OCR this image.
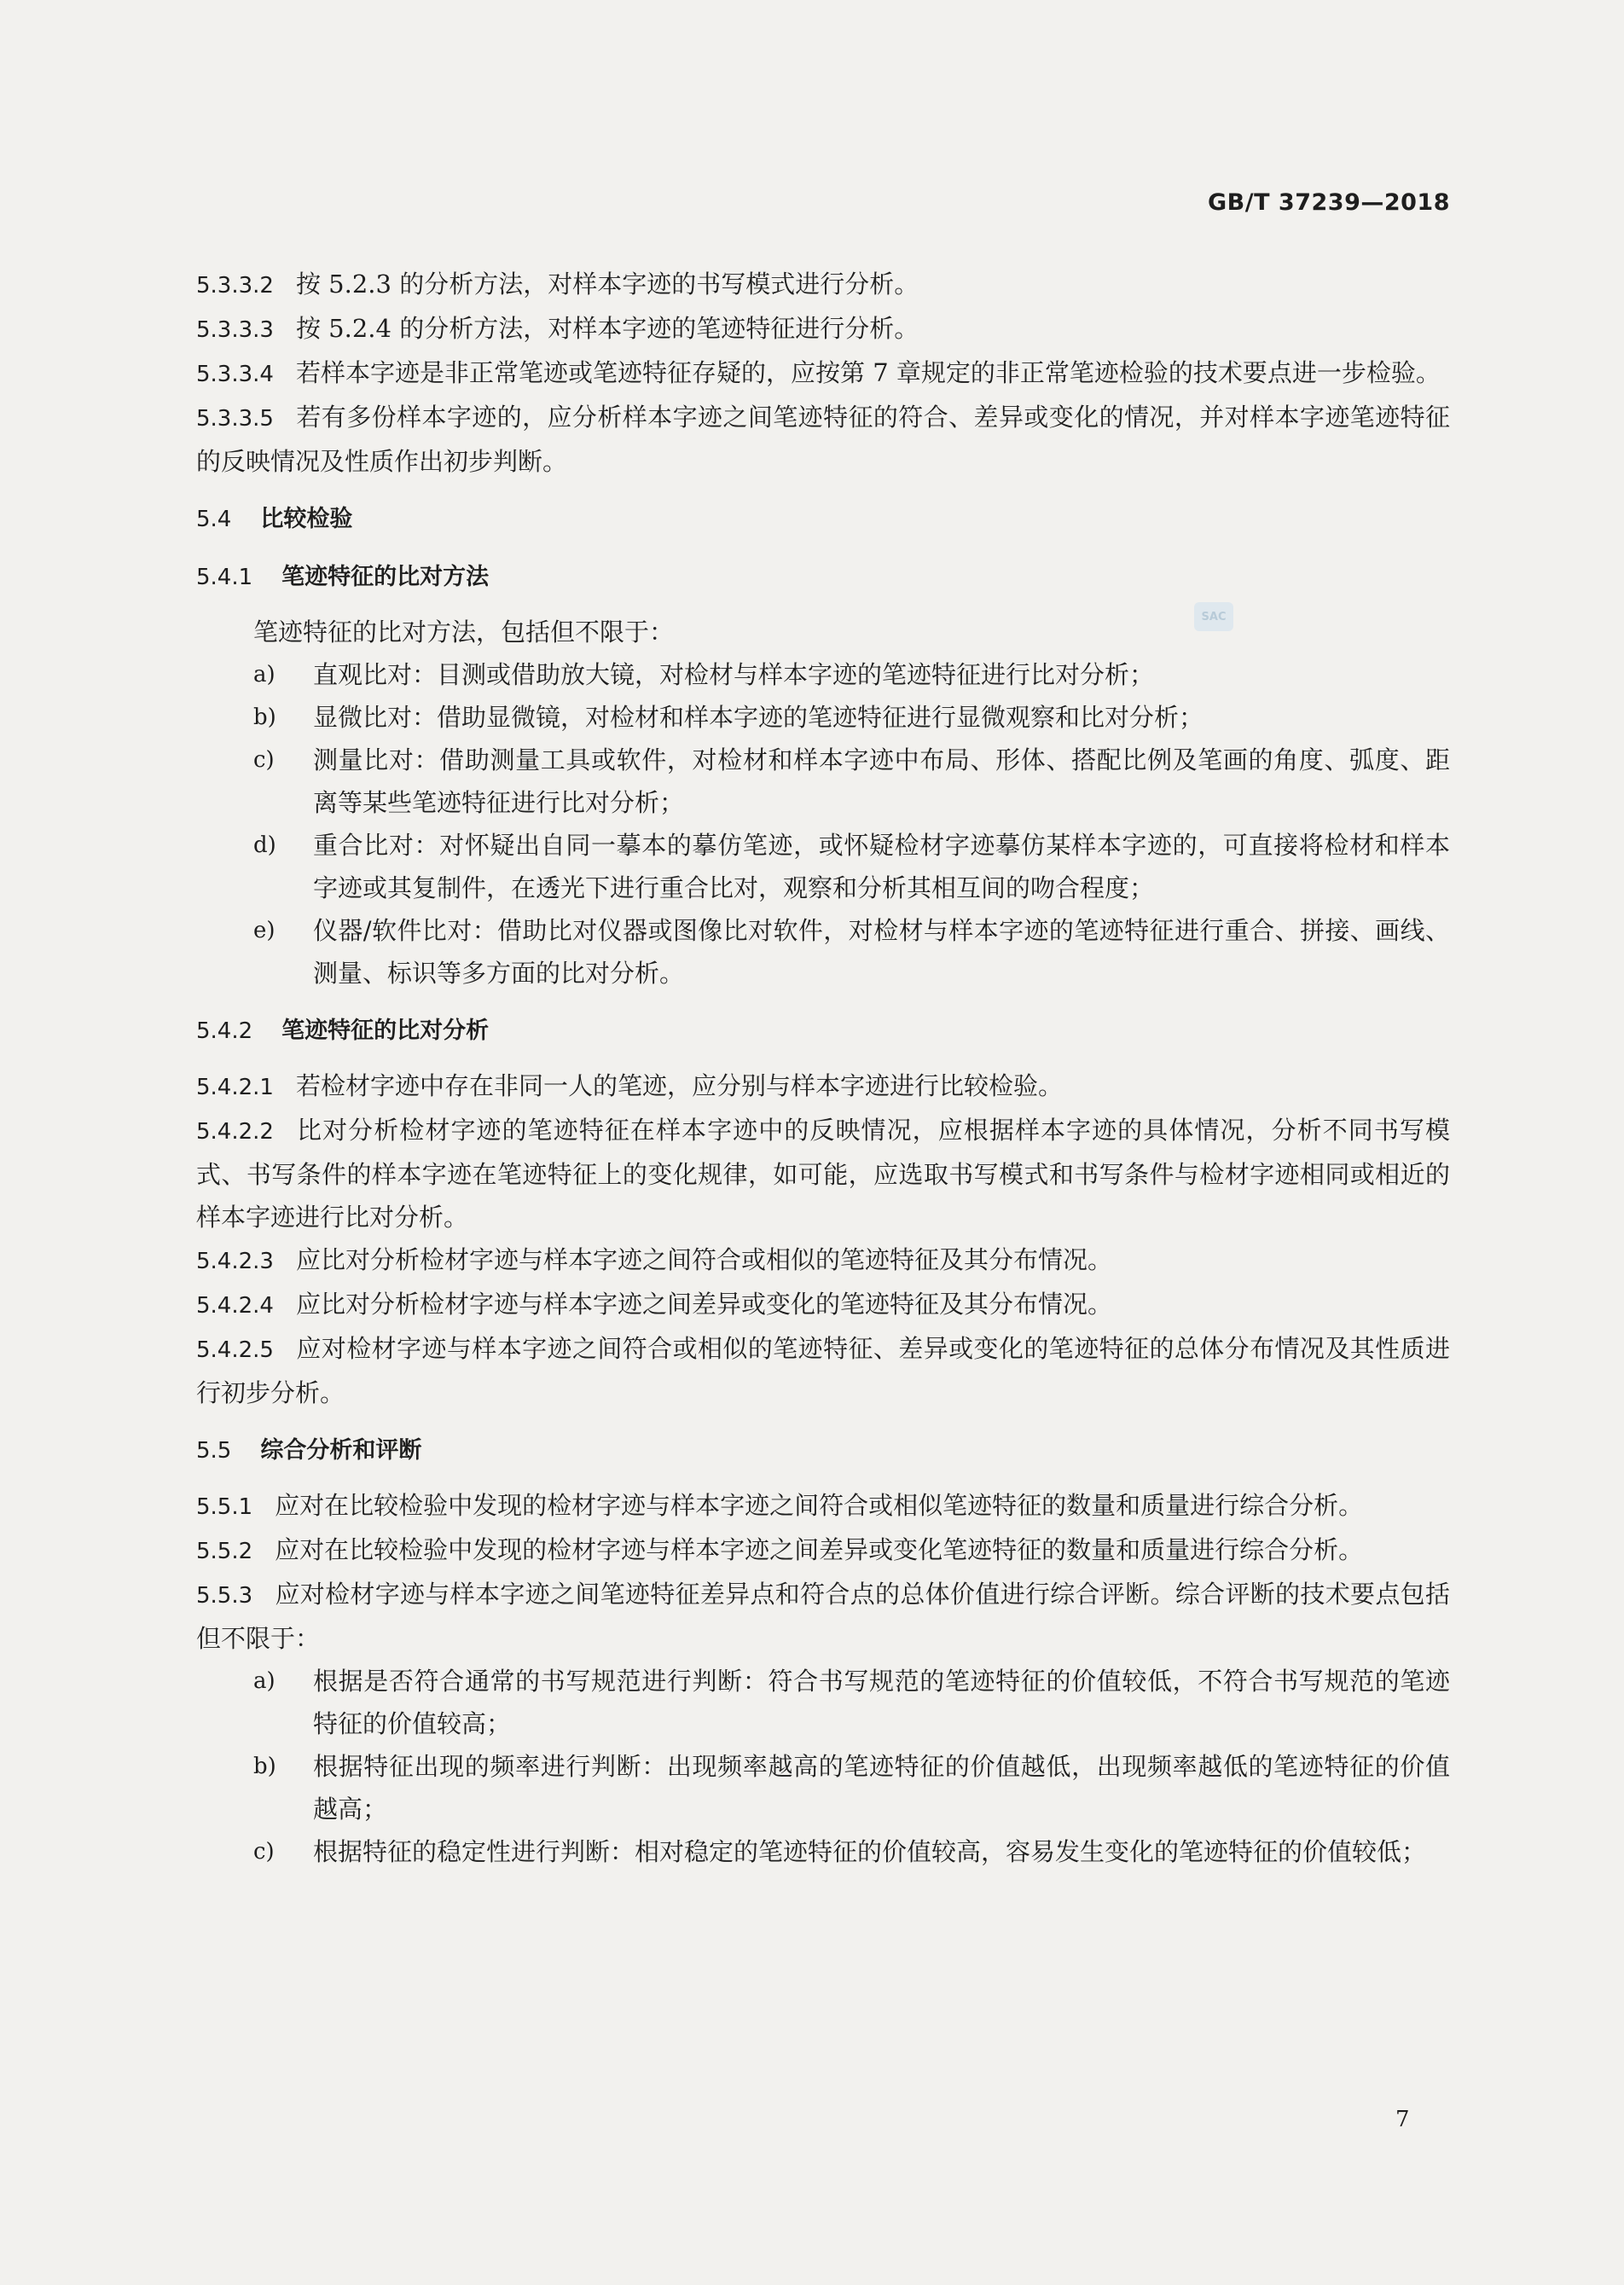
GB/T 37239—2018
SAC
5.3.3.2 按 5.2.3 的分析方法，对样本字迹的书写模式进行分析。
5.3.3.3 按 5.2.4 的分析方法，对样本字迹的笔迹特征进行分析。
5.3.3.4 若样本字迹是非正常笔迹或笔迹特征存疑的，应按第 7 章规定的非正常笔迹检验的技术要点进一步检验。
5.3.3.5 若有多份样本字迹的，应分析样本字迹之间笔迹特征的符合、差异或变化的情况，并对样本字迹笔迹特征的反映情况及性质作出初步判断。
5.4 比较检验
5.4.1 笔迹特征的比对方法
笔迹特征的比对方法，包括但不限于：
a) 直观比对：目测或借助放大镜，对检材与样本字迹的笔迹特征进行比对分析；
b) 显微比对：借助显微镜，对检材和样本字迹的笔迹特征进行显微观察和比对分析；
c) 测量比对：借助测量工具或软件，对检材和样本字迹中布局、形体、搭配比例及笔画的角度、弧度、距离等某些笔迹特征进行比对分析；
d) 重合比对：对怀疑出自同一摹本的摹仿笔迹，或怀疑检材字迹摹仿某样本字迹的，可直接将检材和样本字迹或其复制件，在透光下进行重合比对，观察和分析其相互间的吻合程度；
e) 仪器/软件比对：借助比对仪器或图像比对软件，对检材与样本字迹的笔迹特征进行重合、拼接、画线、测量、标识等多方面的比对分析。
5.4.2 笔迹特征的比对分析
5.4.2.1 若检材字迹中存在非同一人的笔迹，应分别与样本字迹进行比较检验。
5.4.2.2 比对分析检材字迹的笔迹特征在样本字迹中的反映情况，应根据样本字迹的具体情况，分析不同书写模式、书写条件的样本字迹在笔迹特征上的变化规律，如可能，应选取书写模式和书写条件与检材字迹相同或相近的样本字迹进行比对分析。
5.4.2.3 应比对分析检材字迹与样本字迹之间符合或相似的笔迹特征及其分布情况。
5.4.2.4 应比对分析检材字迹与样本字迹之间差异或变化的笔迹特征及其分布情况。
5.4.2.5 应对检材字迹与样本字迹之间符合或相似的笔迹特征、差异或变化的笔迹特征的总体分布情况及其性质进行初步分析。
5.5 综合分析和评断
5.5.1 应对在比较检验中发现的检材字迹与样本字迹之间符合或相似笔迹特征的数量和质量进行综合分析。
5.5.2 应对在比较检验中发现的检材字迹与样本字迹之间差异或变化笔迹特征的数量和质量进行综合分析。
5.5.3 应对检材字迹与样本字迹之间笔迹特征差异点和符合点的总体价值进行综合评断。综合评断的技术要点包括但不限于：
a) 根据是否符合通常的书写规范进行判断：符合书写规范的笔迹特征的价值较低，不符合书写规范的笔迹特征的价值较高；
b) 根据特征出现的频率进行判断：出现频率越高的笔迹特征的价值越低，出现频率越低的笔迹特征的价值越高；
c) 根据特征的稳定性进行判断：相对稳定的笔迹特征的价值较高，容易发生变化的笔迹特征的价值较低；
7
